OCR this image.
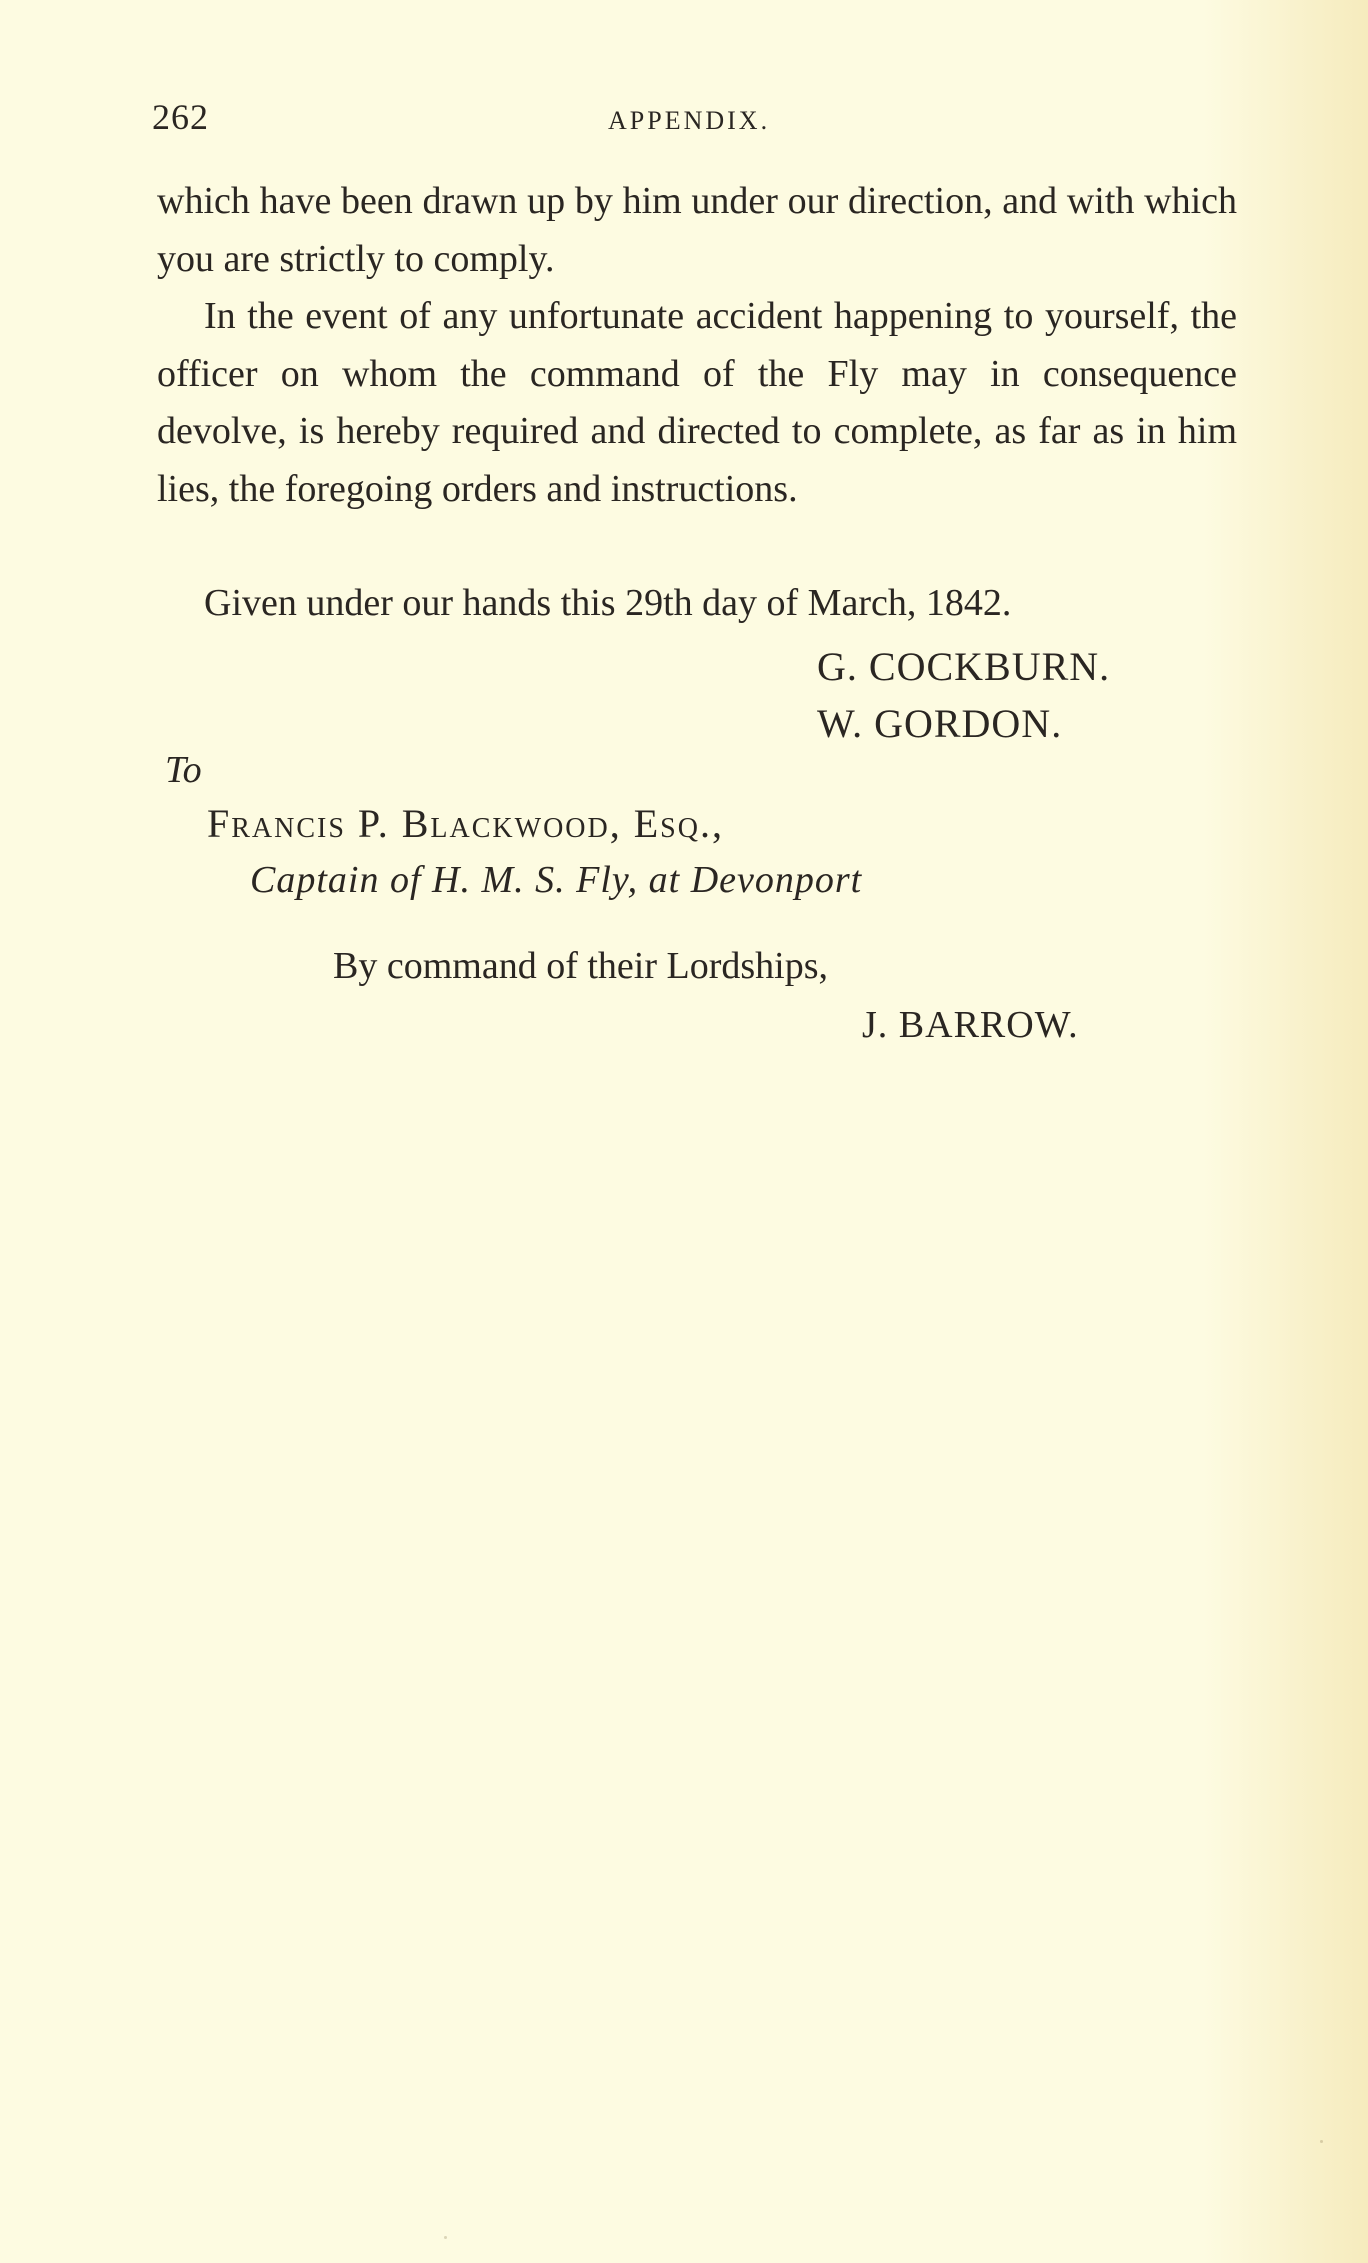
262	APPENDIX.

which have been drawn up by him under our direction, and with which you are strictly to comply.

In the event of any unfortunate accident happening to yourself, the officer on whom the command of the Fly may in consequence devolve, is hereby required and directed to complete, as far as in him lies, the foregoing orders and instructions.

Given under our hands this 29th day of March, 1842.

G. COCKBURN.
W. GORDON.
To
Francis P. Blackwood, Esq.,
Captain of H. M. S. Fly, at Devonport
By command of their Lordships,
J. BARROW.
